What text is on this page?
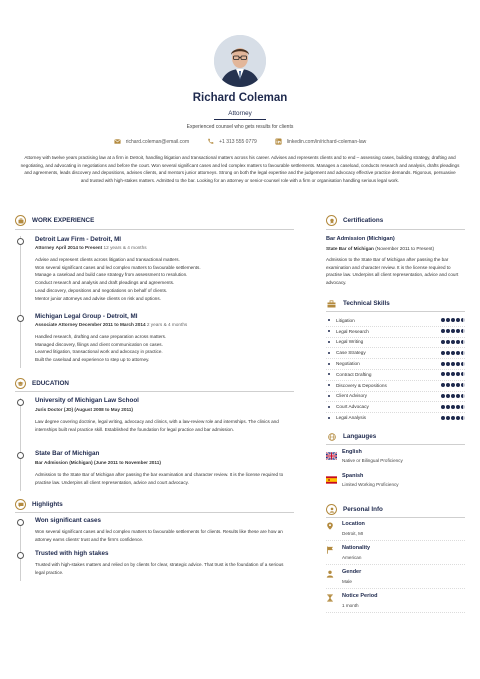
Richard Coleman
Attorney
Experienced counsel who gets results for clients
richard.coleman@email.com	+1 313 555 0779	linkedin.com/in/richard-coleman-law
Attorney with twelve years practising law at a firm in Detroit, handling litigation and transactional matters across his career. Advises and represents clients and to end – assessing cases, building strategy, drafting and negotiating, and advocating in negotiations and before the court. Won several significant cases and led complex matters to favourable settlements. Manages a caseload, conducts research and analysis, drafts pleadings and agreements, leads discovery and depositions, advises clients, and mentors junior attorneys. Strong on both the legal expertise and the judgement and advocacy effective practice demands. Rigorous, persuasive and trusted with high-stakes matters. Admitted to the bar. Looking for an attorney or senior-counsel role with a firm or organisation handling serious legal work.
WORK EXPERIENCE
Detroit Law Firm - Detroit, MI
Attorney April 2014 to Present 12 years & 4 months
Advise and represent clients across litigation and transactional matters.
Won several significant cases and led complex matters to favourable settlements.
Manage a caseload and build case strategy from assessment to resolution.
Conduct research and analysis and draft pleadings and agreements.
Lead discovery, depositions and negotiations on behalf of clients.
Mentor junior attorneys and advise clients on risk and options.
Michigan Legal Group - Detroit, MI
Associate Attorney December 2011 to March 2014 2 years & 4 months
Handled research, drafting and case preparation across matters.
Managed discovery, filings and client communication on cases.
Learned litigation, transactional work and advocacy in practice.
Built the caseload and experience to step up to attorney.
EDUCATION
University of Michigan Law School
Juris Doctor (JD) (August 2008 to May 2011)
Law degree covering doctrine, legal writing, advocacy and clinics, with a law-review role and internships. The clinics and internships built real practice skill. Established the foundation for legal practice and bar admission.
State Bar of Michigan
Bar Admission (Michigan) (June 2011 to November 2011)
Admission to the State Bar of Michigan after passing the bar examination and character review. It is the license required to practise law. Underpins all client representation, advice and court advocacy.
Highlights
Won significant cases
Won several significant cases and led complex matters to favourable settlements for clients. Results like these are how an attorney earns clients' trust and the firm's confidence.
Trusted with high stakes
Trusted with high-stakes matters and relied on by clients for clear, strategic advice. That trust is the foundation of a serious legal practice.
Certifications
Bar Admission (Michigan)
State Bar of Michigan (November 2011 to Present)
Admission to the State Bar of Michigan after passing the bar examination and character review. It is the license required to practise law. Underpins all client representation, advice and court advocacy.
Technical Skills
Litigation
Legal Research
Legal Writing
Case Strategy
Negotiation
Contract Drafting
Discovery & Depositions
Client Advisory
Court Advocacy
Legal Analysis
Langauges
English
Native or Bilingual Proficiency
Spanish
Limited Working Proficiency
Personal Info
Location
Detroit, MI
Nationality
American
Gender
Male
Notice Period
1 month
